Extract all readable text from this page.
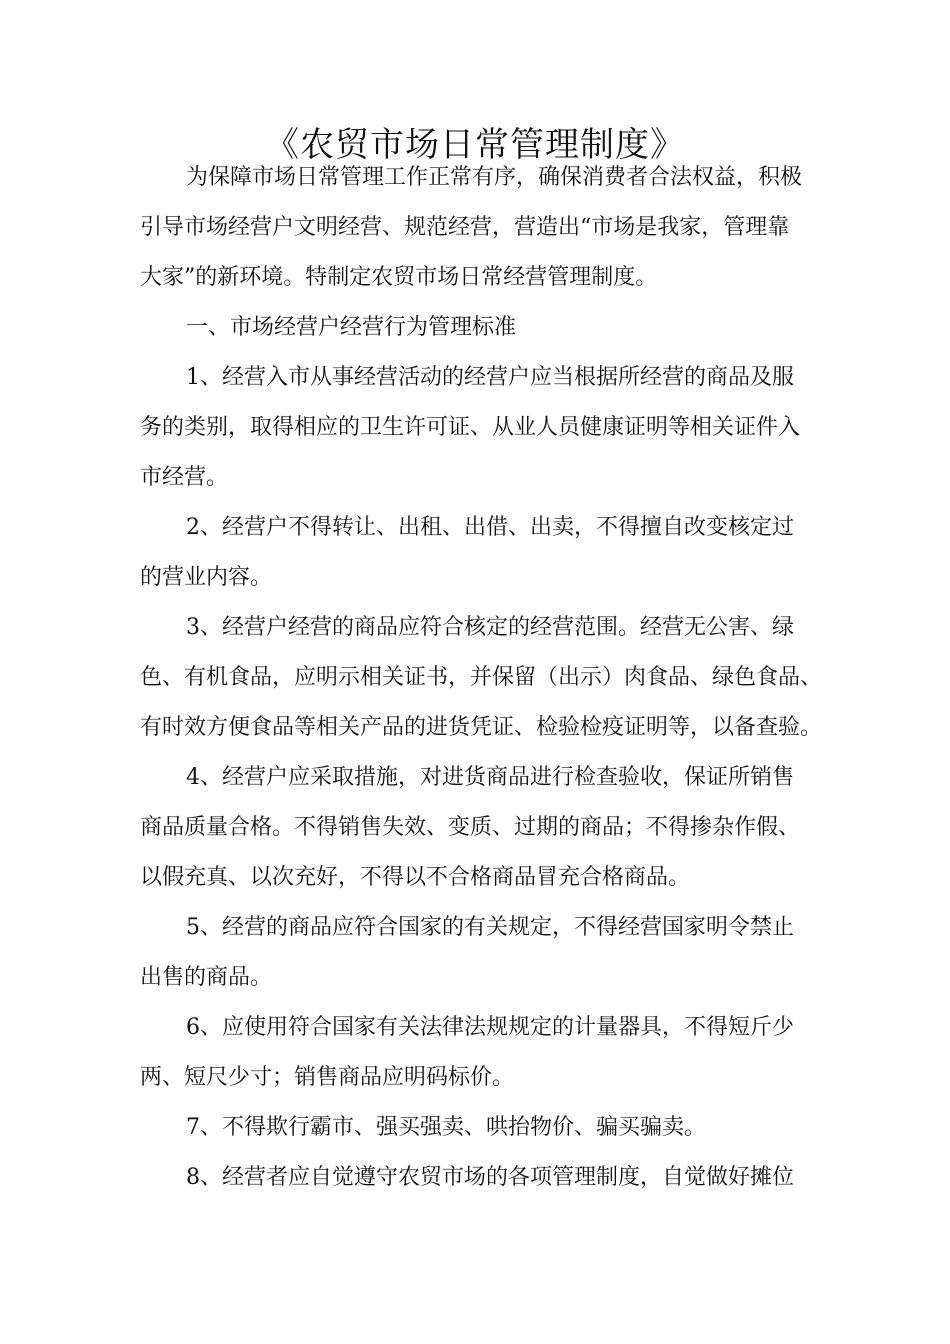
《农贸市场日常管理制度》
为保障市场日常管理工作正常有序，确保消费者合法权益，积极
引导市场经营户文明经营、规范经营，营造出“市场是我家，管理靠
大家”的新环境。特制定农贸市场日常经营管理制度。
一、市场经营户经营行为管理标准
1、经营入市从事经营活动的经营户应当根据所经营的商品及服
务的类别，取得相应的卫生许可证、从业人员健康证明等相关证件入
市经营。
2、经营户不得转让、出租、出借、出卖，不得擅自改变核定过
的营业内容。
3、经营户经营的商品应符合核定的经营范围。经营无公害、绿
色、有机食品，应明示相关证书，并保留（出示）肉食品、绿色食品、
有时效方便食品等相关产品的进货凭证、检验检疫证明等，以备查验。
4、经营户应采取措施，对进货商品进行检查验收，保证所销售
商品质量合格。不得销售失效、变质、过期的商品；不得掺杂作假、
以假充真、以次充好，不得以不合格商品冒充合格商品。
5、经营的商品应符合国家的有关规定，不得经营国家明令禁止
出售的商品。
6、应使用符合国家有关法律法规规定的计量器具，不得短斤少
两、短尺少寸；销售商品应明码标价。
7、不得欺行霸市、强买强卖、哄抬物价、骗买骗卖。
8、经营者应自觉遵守农贸市场的各项管理制度，自觉做好摊位
